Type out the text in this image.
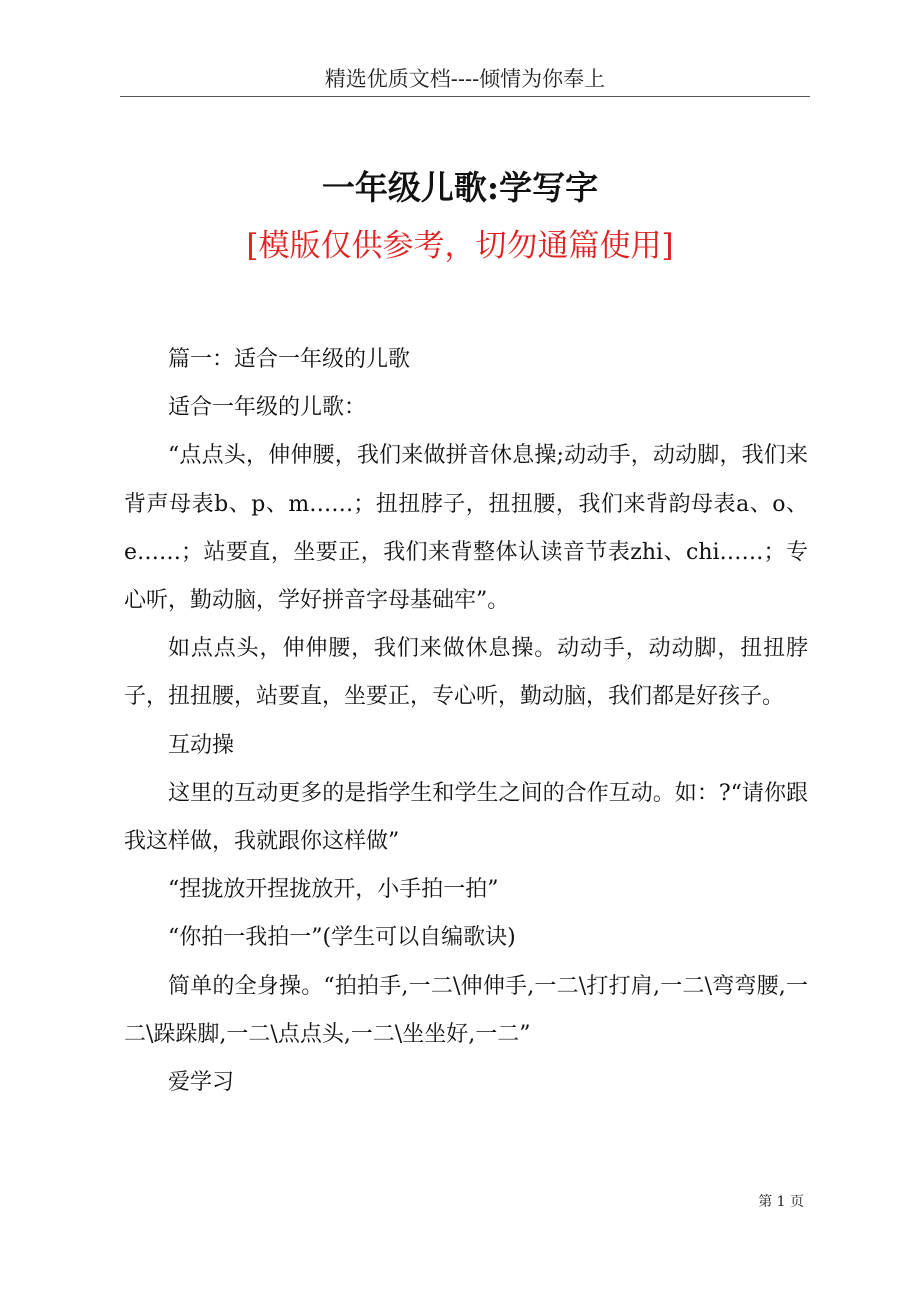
精选优质文档----倾情为你奉上
一年级儿歌:学写字
[模版仅供参考，切勿通篇使用]

篇一：适合一年级的儿歌

适合一年级的儿歌：

“点点头，伸伸腰，我们来做拼音休息操;动动手，动动脚，我们来背声母表b、p、m……；扭扭脖子，扭扭腰，我们来背韵母表a、o、e……；站要直，坐要正，我们来背整体认读音节表zhi、chi……；专心听，勤动脑，学好拼音字母基础牢”。

如点点头，伸伸腰，我们来做休息操。动动手，动动脚，扭扭脖子，扭扭腰，站要直，坐要正，专心听，勤动脑，我们都是好孩子。

互动操

这里的互动更多的是指学生和学生之间的合作互动。如：?“请你跟我这样做，我就跟你这样做”

“捏拢放开捏拢放开，小手拍一拍”

“你拍一我拍一”(学生可以自编歌诀)

简单的全身操。“拍拍手,一二\伸伸手,一二\打打肩,一二\弯弯腰,一二\跺跺脚,一二\点点头,一二\坐坐好,一二”

爱学习

第 1 页
